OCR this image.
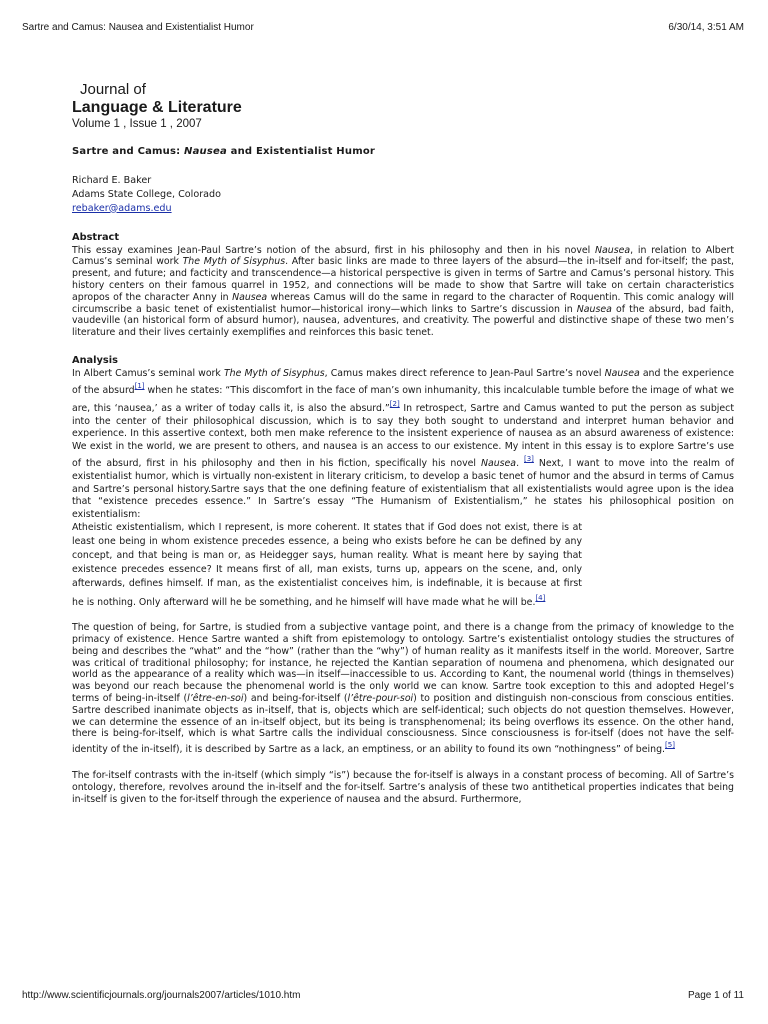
Sartre and Camus: Nausea and Existentialist Humor	6/30/14, 3:51 AM
Journal of
Language & Literature
Volume 1 , Issue 1 , 2007
Sartre and Camus: Nausea and Existentialist Humor

Richard E. Baker

Adams State College, Colorado

rebaker@adams.edu

Abstract

This essay examines Jean-Paul Sartre’s notion of the absurd, first in his philosophy and then in his novel Nausea, in relation to Albert Camus’s seminal work The Myth of Sisyphus. After basic links are made to three layers of the absurd—the in-itself and for-itself; the past, present, and future; and facticity and transcendence—a historical perspective is given in terms of Sartre and Camus’s personal history. This history centers on their famous quarrel in 1952, and connections will be made to show that Sartre will take on certain characteristics apropos of the character Anny in Nausea whereas Camus will do the same in regard to the character of Roquentin. This comic analogy will circumscribe a basic tenet of existentialist humor—historical irony—which links to Sartre’s discussion in Nausea of the absurd, bad faith, vaudeville (an historical form of absurd humor), nausea, adventures, and creativity. The powerful and distinctive shape of these two men’s literature and their lives certainly exemplifies and reinforces this basic tenet.

Analysis

In Albert Camus’s seminal work The Myth of Sisyphus, Camus makes direct reference to Jean-Paul Sartre’s novel Nausea and the experience of the absurd[1] when he states: “This discomfort in the face of man’s own inhumanity, this incalculable tumble before the image of what we are, this ‘nausea,’ as a writer of today calls it, is also the absurd.”[2] In retrospect, Sartre and Camus wanted to put the person as subject into the center of their philosophical discussion, which is to say they both sought to understand and interpret human behavior and experience. In this assertive context, both men make reference to the insistent experience of nausea as an absurd awareness of existence: We exist in the world, we are present to others, and nausea is an access to our existence. My intent in this essay is to explore Sartre’s use of the absurd, first in his philosophy and then in his fiction, specifically his novel Nausea. [3] Next, I want to move into the realm of existentialist humor, which is virtually non-existent in literary criticism, to develop a basic tenet of humor and the absurd in terms of Camus and Sartre’s personal history.Sartre says that the one defining feature of existentialism that all existentialists would agree upon is the idea that “existence precedes essence.” In Sartre’s essay “The Humanism of Existentialism,” he states his philosophical position on existentialism:

Atheistic existentialism, which I represent, is more coherent. It states that if God does not exist, there is at least one being in whom existence precedes essence, a being who exists before he can be defined by any concept, and that being is man or, as Heidegger says, human reality. What is meant here by saying that existence precedes essence? It means first of all, man exists, turns up, appears on the scene, and, only afterwards, defines himself. If man, as the existentialist conceives him, is indefinable, it is because at first he is nothing. Only afterward will he be something, and he himself will have made what he will be.[4]

The question of being, for Sartre, is studied from a subjective vantage point, and there is a change from the primacy of knowledge to the primacy of existence. Hence Sartre wanted a shift from epistemology to ontology. Sartre’s existentialist ontology studies the structures of being and describes the “what” and the “how” (rather than the “why”) of human reality as it manifests itself in the world. Moreover, Sartre was critical of traditional philosophy; for instance, he rejected the Kantian separation of noumena and phenomena, which designated our world as the appearance of a reality which was—in itself—inaccessible to us. According to Kant, the noumenal world (things in themselves) was beyond our reach because the phenomenal world is the only world we can know. Sartre took exception to this and adopted Hegel’s terms of being-in-itself (l’être-en-soi) and being-for-itself (l’être-pour-soi) to position and distinguish non-conscious from conscious entities. Sartre described inanimate objects as in-itself, that is, objects which are self-identical; such objects do not question themselves. However, we can determine the essence of an in-itself object, but its being is transphenomenal; its being overflows its essence. On the other hand, there is being-for-itself, which is what Sartre calls the individual consciousness. Since consciousness is for-itself (does not have the self-identity of the in-itself), it is described by Sartre as a lack, an emptiness, or an ability to found its own “nothingness” of being.[5]

The for-itself contrasts with the in-itself (which simply “is”) because the for-itself is always in a constant process of becoming. All of Sartre’s ontology, therefore, revolves around the in-itself and the for-itself. Sartre’s analysis of these two antithetical properties indicates that being in-itself is given to the for-itself through the experience of nausea and the absurd. Furthermore,

http://www.scientificjournals.org/journals2007/articles/1010.htm	Page 1 of 11
